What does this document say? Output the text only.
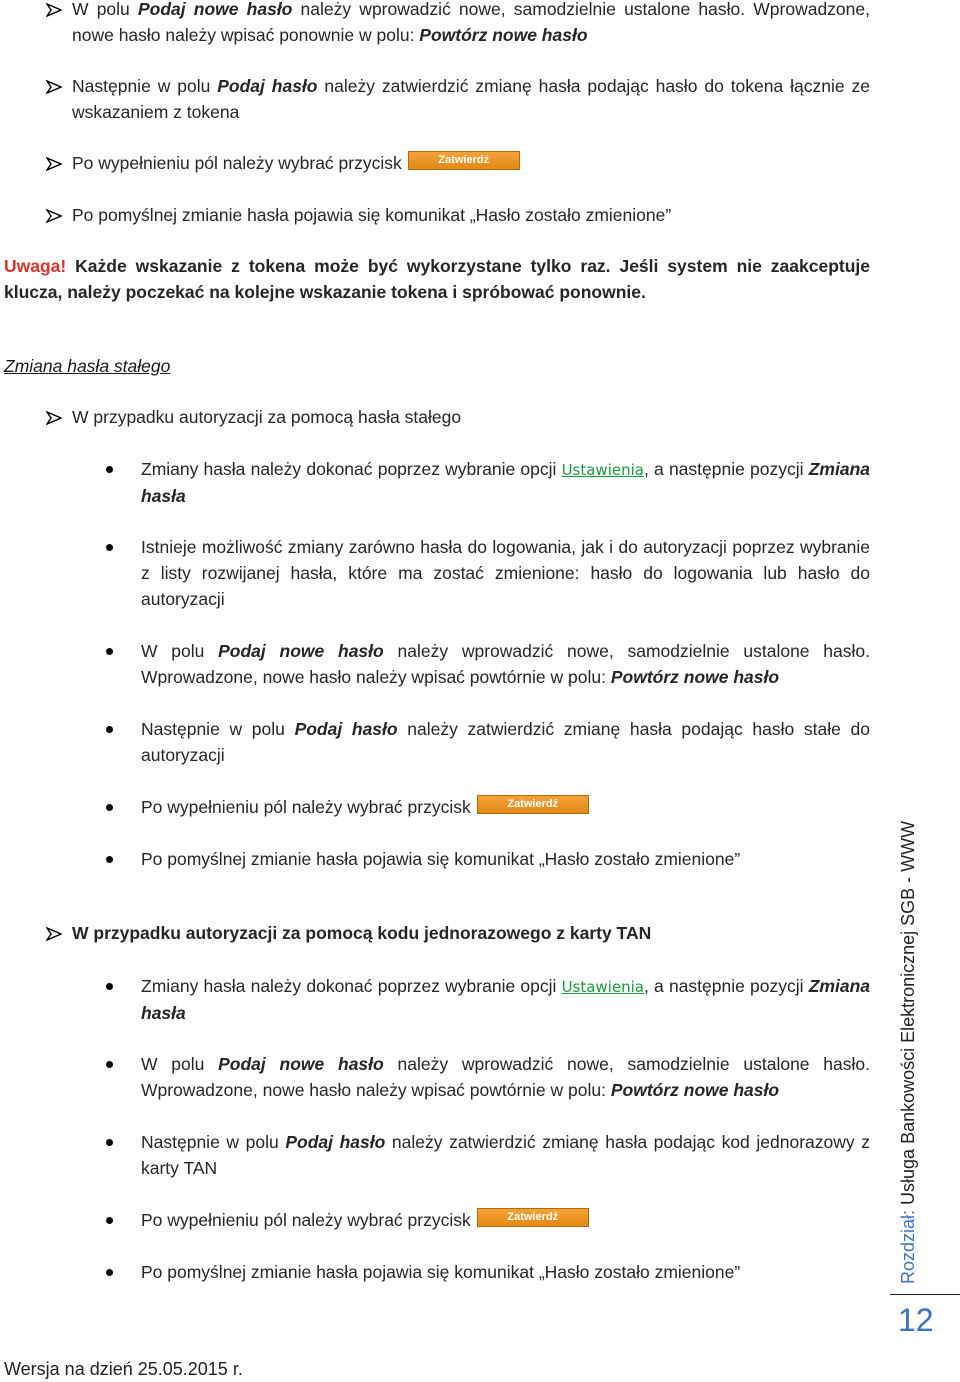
W polu Podaj nowe hasło należy wprowadzić nowe, samodzielnie ustalone hasło. Wprowadzone, nowe hasło należy wpisać ponownie w polu: Powtórz nowe hasło
Następnie w polu Podaj hasło należy zatwierdzić zmianę hasła podając hasło do tokena łącznie ze wskazaniem z tokena
Po wypełnieniu pól należy wybrać przycisk	Zatwierdź
Po pomyślnej zmianie hasła pojawia się komunikat „Hasło zostało zmienione”
Uwaga! Każde wskazanie z tokena może być wykorzystane tylko raz. Jeśli system nie zaakceptuje klucza, należy poczekać na kolejne wskazanie tokena i spróbować ponownie.
Zmiana hasła stałego
W przypadku autoryzacji za pomocą hasła stałego
Zmiany hasła należy dokonać poprzez wybranie opcji Ustawienia, a następnie pozycji Zmiana hasła
Istnieje możliwość zmiany zarówno hasła do logowania, jak i do autoryzacji poprzez wybranie z listy rozwijanej hasła, które ma zostać zmienione: hasło do logowania lub hasło do autoryzacji
W polu Podaj nowe hasło należy wprowadzić nowe, samodzielnie ustalone hasło. Wprowadzone, nowe hasło należy wpisać powtórnie w polu: Powtórz nowe hasło
Następnie w polu Podaj hasło należy zatwierdzić zmianę hasła podając hasło stałe do autoryzacji
Po wypełnieniu pól należy wybrać przycisk	Zatwierdź
Po pomyślnej zmianie hasła pojawia się komunikat „Hasło zostało zmienione”
W przypadku autoryzacji za pomocą kodu jednorazowego z karty TAN
Zmiany hasła należy dokonać poprzez wybranie opcji Ustawienia, a następnie pozycji Zmiana hasła
W polu Podaj nowe hasło należy wprowadzić nowe, samodzielnie ustalone hasło. Wprowadzone, nowe hasło należy wpisać powtórnie w polu: Powtórz nowe hasło
Następnie w polu Podaj hasło należy zatwierdzić zmianę hasła podając kod jednorazowy z karty TAN
Po wypełnieniu pól należy wybrać przycisk	Zatwierdź
Po pomyślnej zmianie hasła pojawia się komunikat „Hasło zostało zmienione”
Wersja na dzień 25.05.2015 r.
Rozdział: Usługa Bankowości Elektronicznej SGB - WWW
12
